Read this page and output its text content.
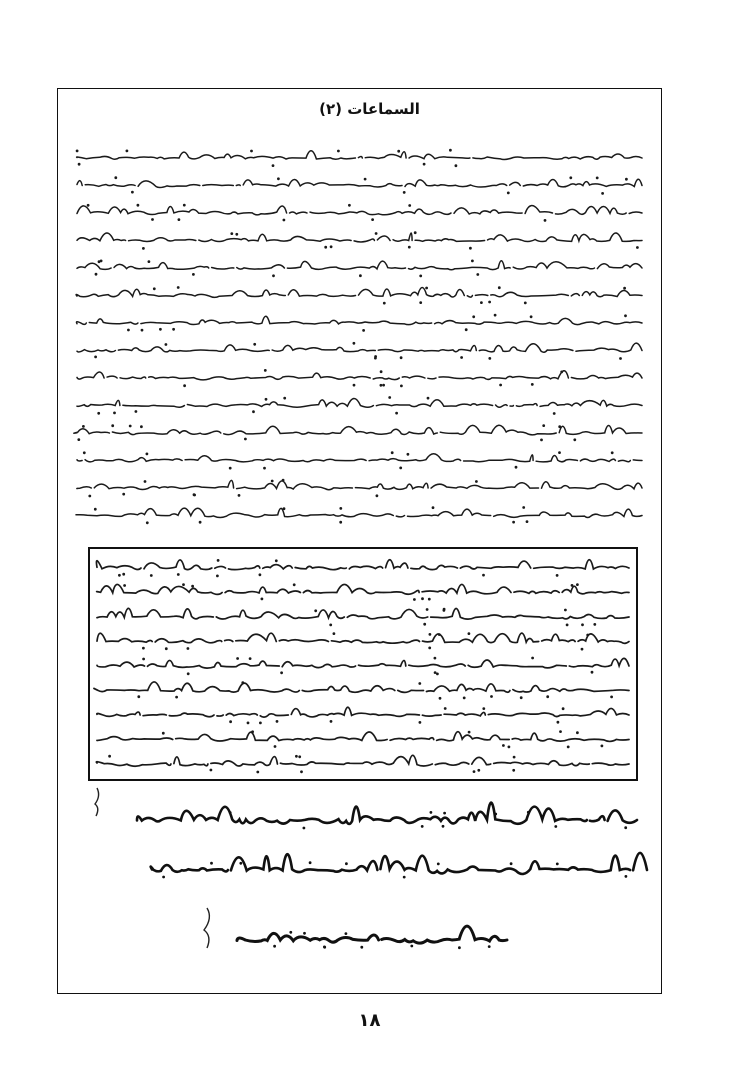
السماعات (٢)
١٨
